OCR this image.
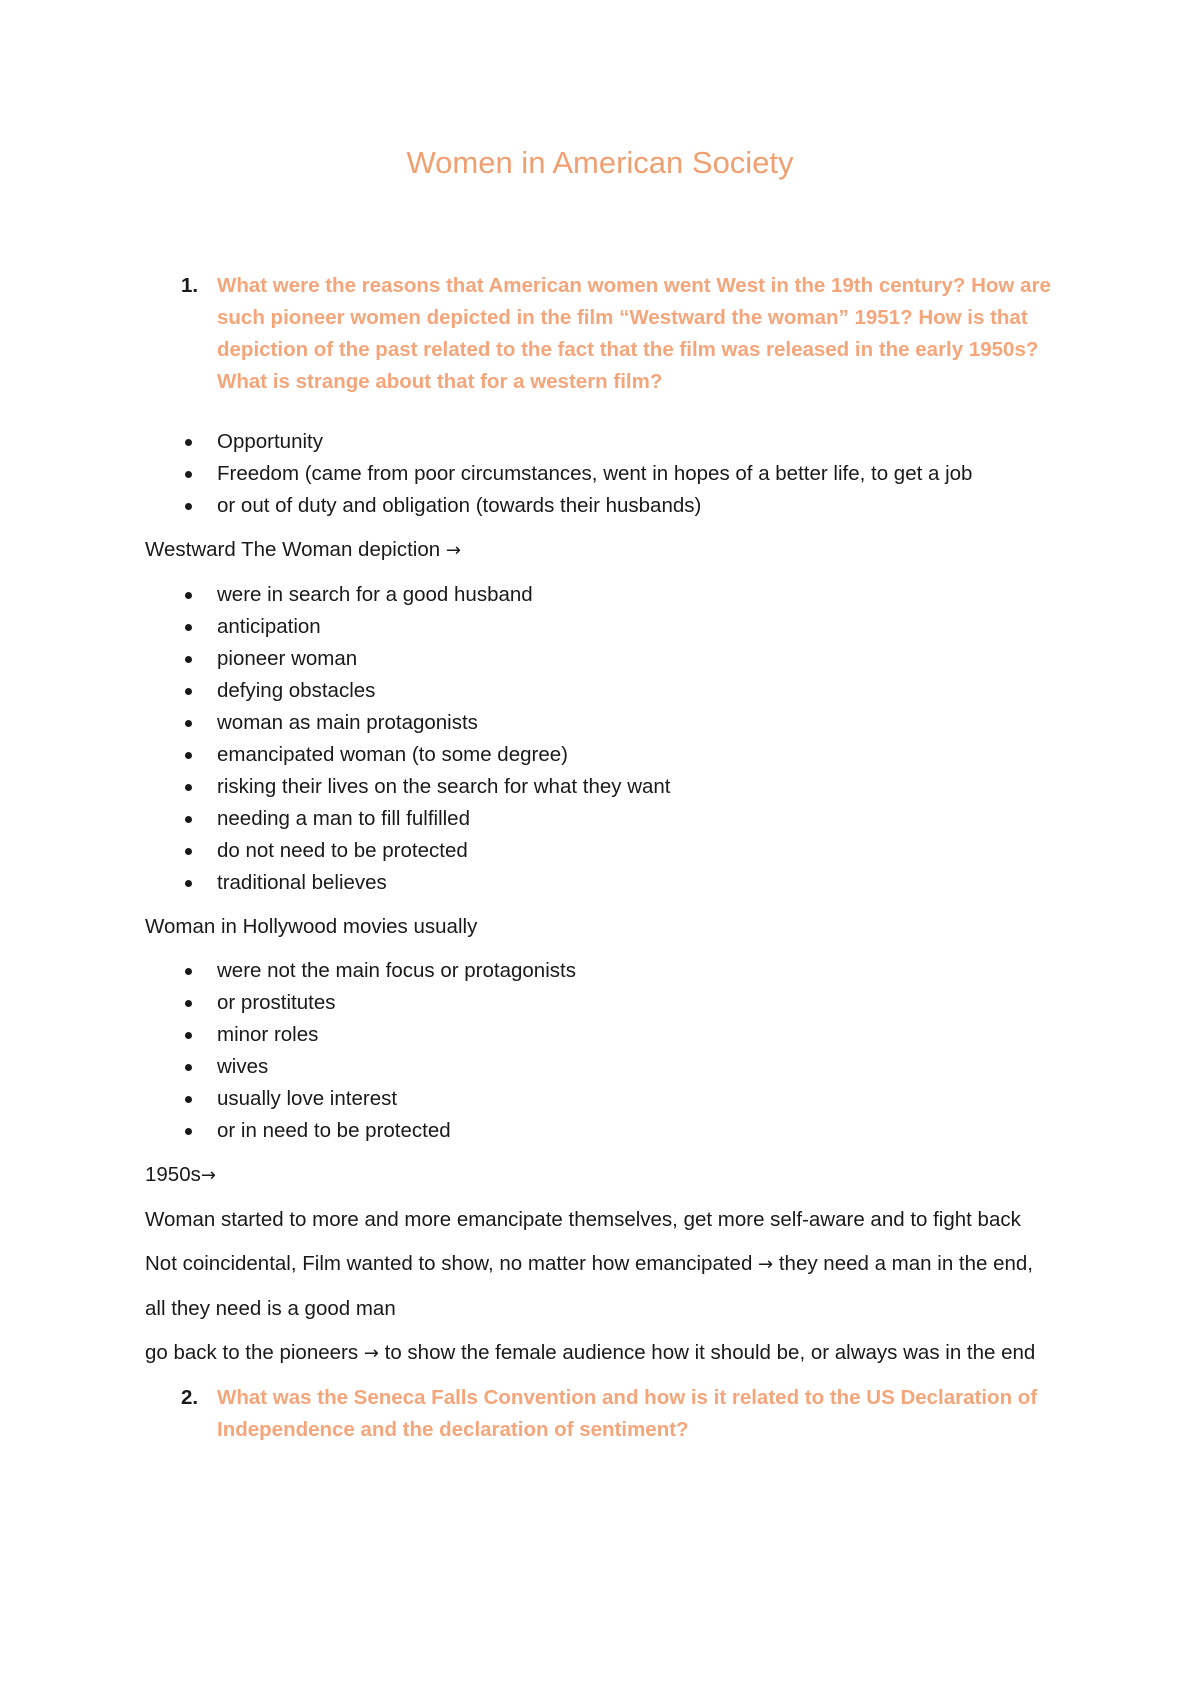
Women in American Society
1. What were the reasons that American women went West in the 19th century? How are such pioneer women depicted in the film “Westward the woman” 1951? How is that depiction of the past related to the fact that the film was released in the early 1950s? What is strange about that for a western film?
Opportunity
Freedom (came from poor circumstances, went in hopes of a better life, to get a job
or out of duty and obligation (towards their husbands)

Westward The Woman depiction →

were in search for a good husband
anticipation
pioneer woman
defying obstacles
woman as main protagonists
emancipated woman (to some degree)
risking their lives on the search for what they want
needing a man to fill fulfilled
do not need to be protected
traditional believes

Woman in Hollywood movies usually

were not the main focus or protagonists
or prostitutes
minor roles
wives
usually love interest
or in need to be protected

1950s→

Woman started to more and more emancipate themselves, get more self-aware and to fight back

Not coincidental, Film wanted to show, no matter how emancipated → they need a man in the end,

all they need is a good man

go back to the pioneers → to show the female audience how it should be, or always was in the end

2. What was the Seneca Falls Convention and how is it related to the US Declaration of Independence and the declaration of sentiment?
